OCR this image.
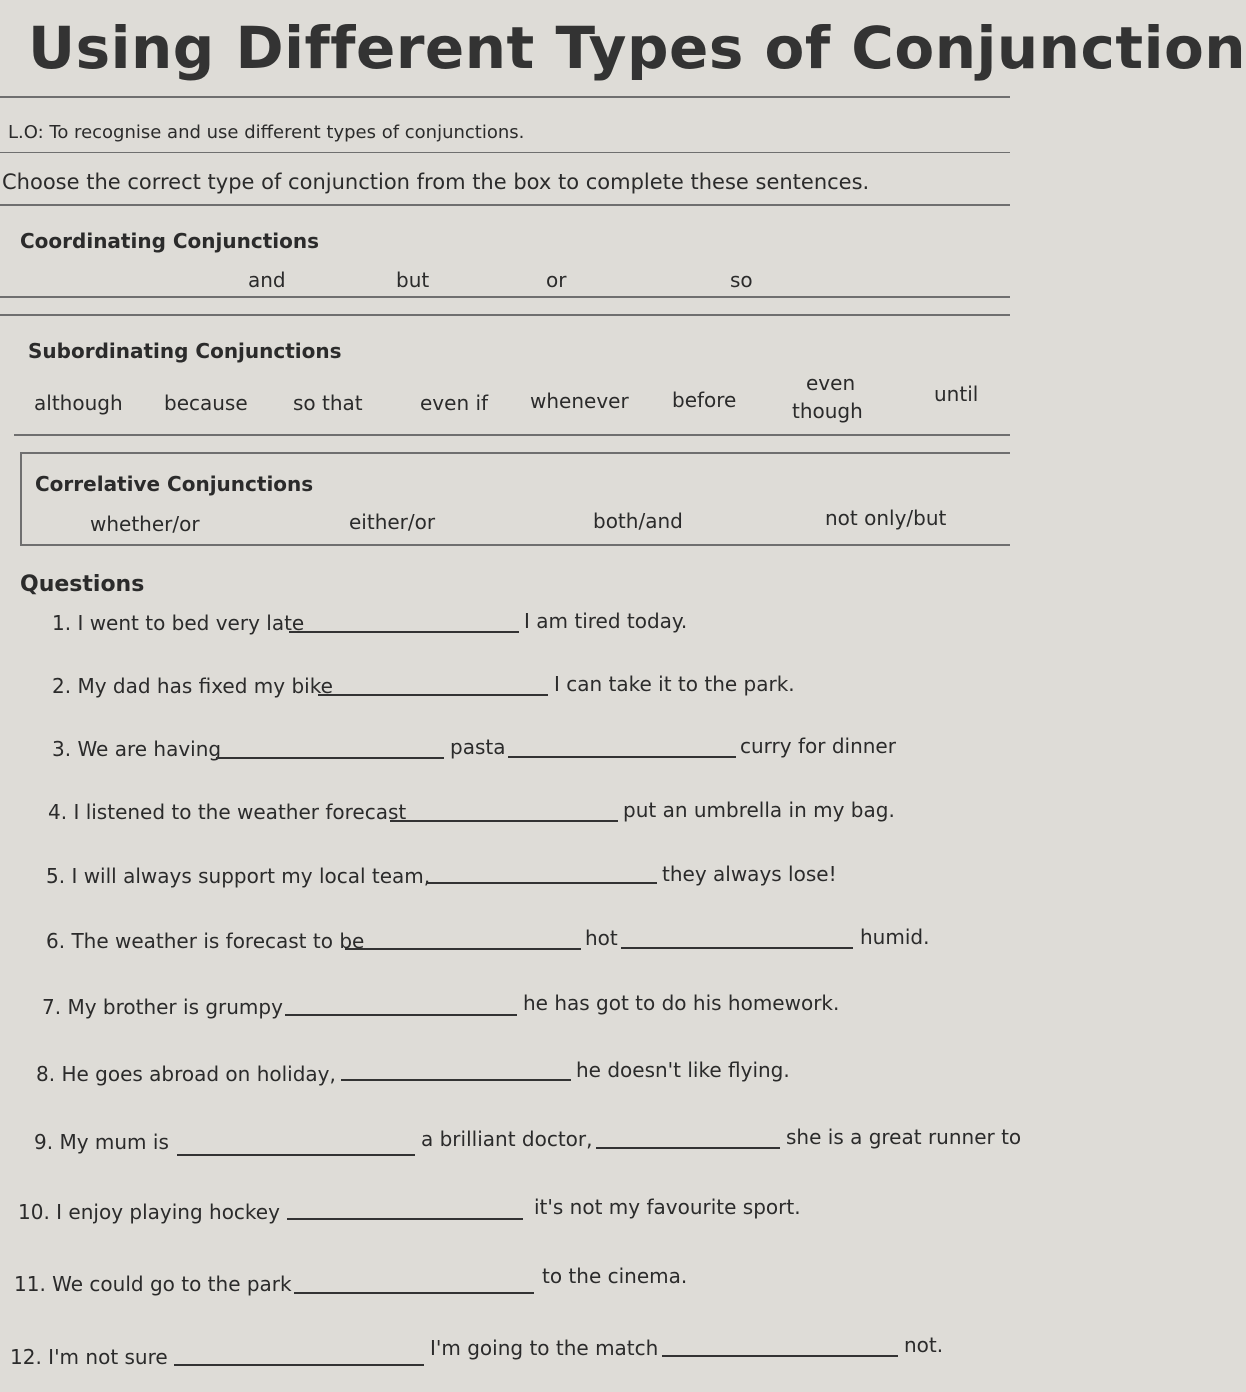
Using Different Types of Conjunction
L.O: To recognise and use different types of conjunctions.
Choose the correct type of conjunction from the box to complete these sentences.
Coordinating Conjunctions
and	but	or	so
Subordinating Conjunctions
although because so that	even if whenever before
even
though
until
Correlative Conjunctions
whether/or	either/or	both/and	not only/but
Questions
1. I went to bed very late	I am tired today.
2. My dad has fixed my bike	I can take it to the park.
3. We are having	pasta	curry for dinner
4. I listened to the weather forecast	put an umbrella in my bag.
5. I will always support my local team,	they always lose!
6. The weather is forecast to be	hot	humid.
7. My brother is grumpy	he has got to do his homework.
8. He goes abroad on holiday,	he doesn't like flying.
9. My mum is	a brilliant doctor,	she is a great runner to
10. I enjoy playing hockey	it's not my favourite sport.
11. We could go to the park	to the cinema.
12. I'm not sure	I'm going to the match	not.
